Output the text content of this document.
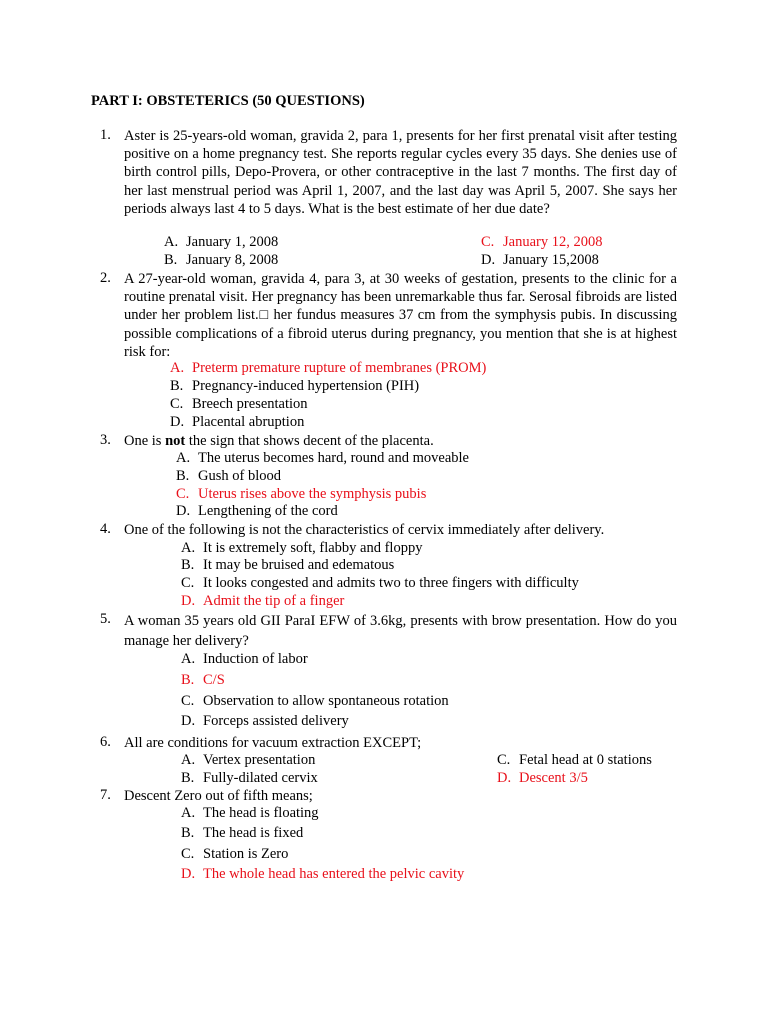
PART I: OBSTETERICS (50 QUESTIONS)
1. Aster is 25-years-old woman, gravida 2, para 1, presents for her first prenatal visit after testing positive on a home pregnancy test. She reports regular cycles every 35 days. She denies use of birth control pills, Depo-Provera, or other contraceptive in the last 7 months. The first day of her last menstrual period was April 1, 2007, and the last day was April 5, 2007. She says her periods always last 4 to 5 days. What is the best estimate of her due date?
A. January 1, 2008
B. January 8, 2008
C. January 12, 2008
D. January 15,2008
2. A 27-year-old woman, gravida 4, para 3, at 30 weeks of gestation, presents to the clinic for a routine prenatal visit. Her pregnancy has been unremarkable thus far. Serosal fibroids are listed under her problem list.□ her fundus measures 37 cm from the symphysis pubis. In discussing possible complications of a fibroid uterus during pregnancy, you mention that she is at highest risk for:
A. Preterm premature rupture of membranes (PROM)
B. Pregnancy-induced hypertension (PIH)
C. Breech presentation
D. Placental abruption
3. One is not the sign that shows decent of the placenta.
A. The uterus becomes hard, round and moveable
B. Gush of blood
C. Uterus rises above the symphysis pubis
D. Lengthening of the cord
4. One of the following is not the characteristics of cervix immediately after delivery.
A. It is extremely soft, flabby and floppy
B. It may be bruised and edematous
C. It looks congested and admits two to three fingers with difficulty
D. Admit the tip of a finger
5. A woman 35 years old GII ParaI EFW of 3.6kg, presents with brow presentation. How do you manage her delivery?
A. Induction of labor
B. C/S
C. Observation to allow spontaneous rotation
D. Forceps assisted delivery
6. All are conditions for vacuum extraction EXCEPT;
A. Vertex presentation
B. Fully-dilated cervix
C. Fetal head at 0 stations
D. Descent 3/5
7. Descent Zero out of fifth means;
A. The head is floating
B. The head is fixed
C. Station is Zero
D. The whole head has entered the pelvic cavity
